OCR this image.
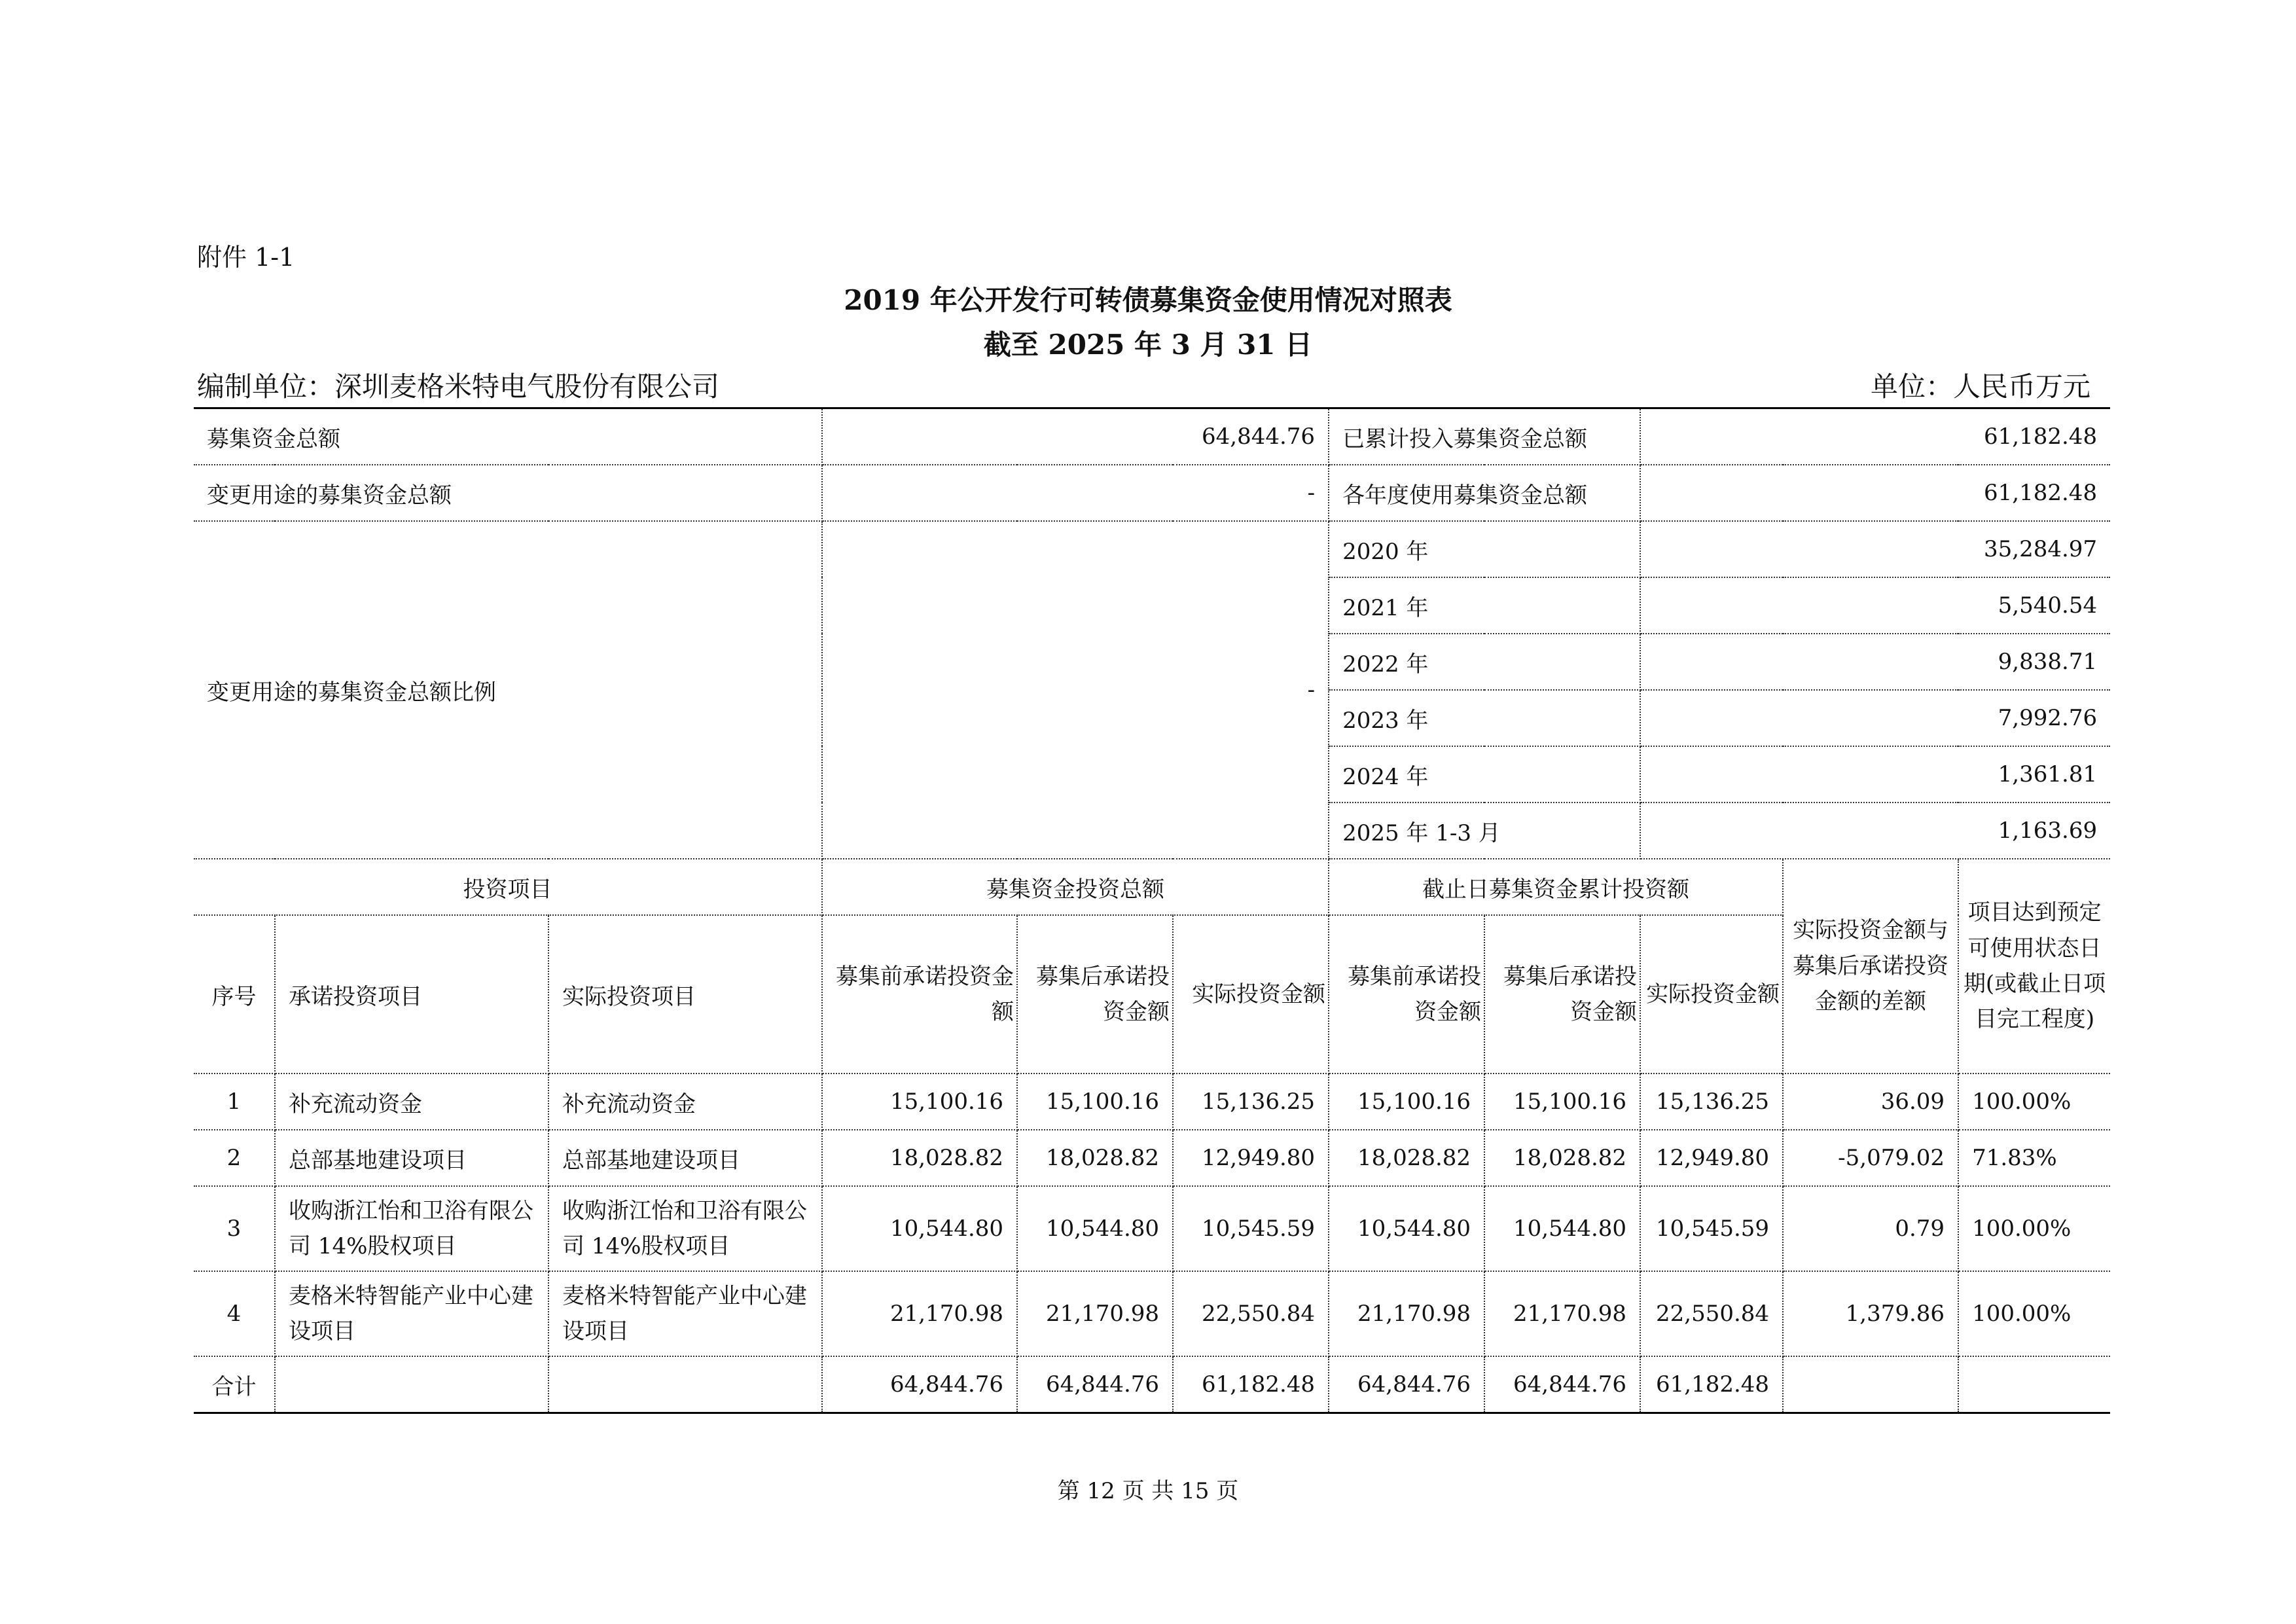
附件 1-1
2019 年公开发行可转债募集资金使用情况对照表
截至 2025 年 3 月 31 日
编制单位：深圳麦格米特电气股份有限公司	单位：人民币万元
募集资金总额			64,844.76			已累计投入募集资金总额		61,182.48		
变更用途的募集资金总额			-			各年度使用募集资金总额		61,182.48		
变更用途的募集资金总额比例			-			2020 年		35,284.97		
						2021 年		5,540.54		
						2022 年		9,838.71		
						2023 年		7,992.76		
						2024 年		1,361.81		
						2025 年 1-3 月		1,163.69		
投资项目			募集资金投资总额			截止日募集资金累计投资额			实际投资金额与募集后承诺投资金额的差额	项目达到预定可使用状态日期(或截止日项目完工程度)
序号	承诺投资项目	实际投资项目	募集前承诺投资金额	募集后承诺投资金额	实际投资金额	募集前承诺投资金额	募集后承诺投资金额	实际投资金额		
1	补充流动资金	补充流动资金	15,100.16	15,100.16	15,136.25	15,100.16	15,100.16	15,136.25	36.09	100.00%
2	总部基地建设项目	总部基地建设项目	18,028.82	18,028.82	12,949.80	18,028.82	18,028.82	12,949.80	-5,079.02	71.83%
3	收购浙江怡和卫浴有限公司 14%股权项目	收购浙江怡和卫浴有限公司 14%股权项目	10,544.80	10,544.80	10,545.59	10,544.80	10,544.80	10,545.59	0.79	100.00%
4	麦格米特智能产业中心建设项目	麦格米特智能产业中心建设项目	21,170.98	21,170.98	22,550.84	21,170.98	21,170.98	22,550.84	1,379.86	100.00%
合计			64,844.76	64,844.76	61,182.48	64,844.76	64,844.76	61,182.48		
第 12 页 共 15 页
